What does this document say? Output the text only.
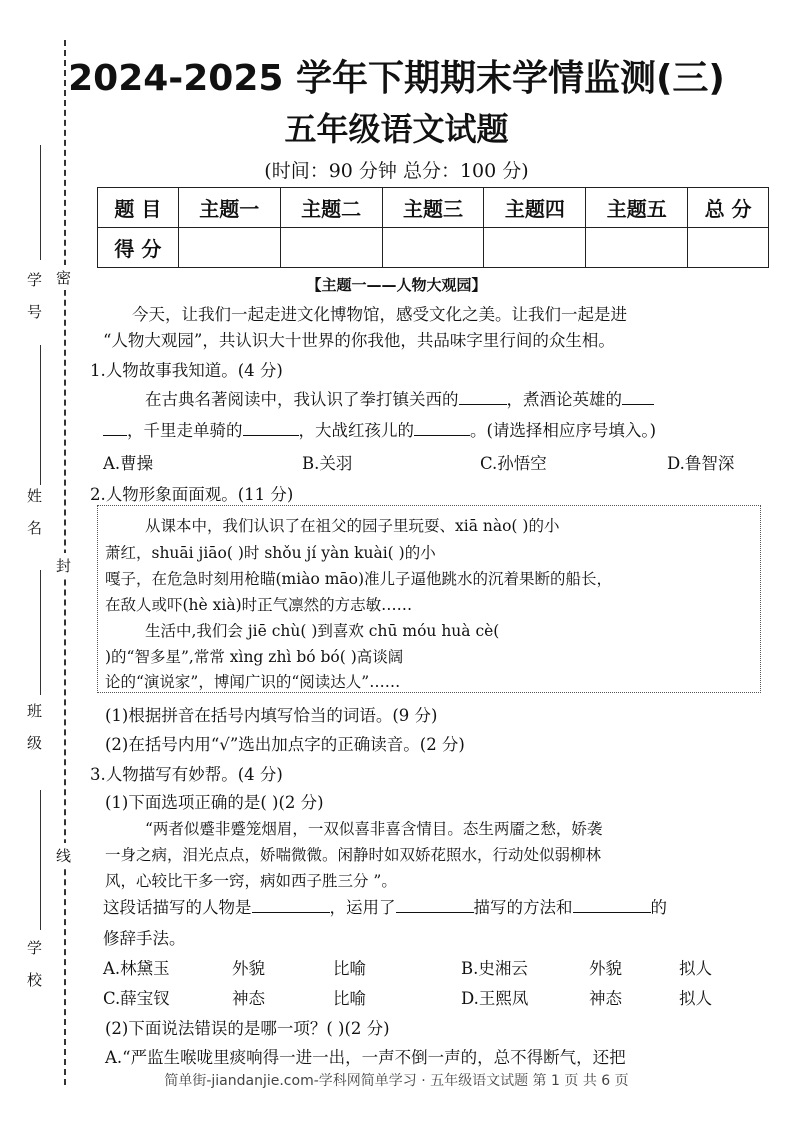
学 号
姓 名
班 级
学 校
密
封
线
2024-2025 学年下期期末学情监测(三)
五年级语文试题
(时间：90 分钟 总分：100 分)
题 目	主题一	主题二	主题三	主题四	主题五	总 分
得 分						
【主题一——人物大观园】
今天，让我们一起走进文化博物馆，感受文化之美。让我们一起是进
“人物大观园”，共认识大十世界的你我他，共品味字里行间的众生相。
1.人物故事我知道。(4 分)
在古典名著阅读中，我认识了拳打镇关西的	，煮酒论英雄的
，千里走单骑的	，大战红孩儿的	。(请选择相应序号填入。)
A.曹操	B.关羽	C.孙悟空	D.鲁智深
2.人物形象面面观。(11 分)
从课本中，我们认识了在祖父的园子里玩耍、xiā nào( )的小
萧红，shuāi jiāo( )时 shǒu jí yàn kuài( )的小
嘎子，在危急时刻用枪瞄(miào māo)准儿子逼他跳水的沉着果断的船长，
在敌人或吓(hè xià)时正气凛然的方志敏……
生活中,我们会 jiē chù( )到喜欢 chū móu huà cè(
)的“智多星”,常常 xìng zhì bó bó( )高谈阔
论的“演说家”，博闻广识的“阅读达人”……
(1)根据拼音在括号内填写恰当的词语。(9 分)
(2)在括号内用“√”选出加点字的正确读音。(2 分)
3.人物描写有妙帮。(4 分)
(1)下面选项正确的是( )(2 分)
“两者似蹙非蹙笼烟眉，一双似喜非喜含情目。态生两靥之愁，娇袭
一身之病，泪光点点，娇喘微微。闲静时如双娇花照水，行动处似弱柳林
风，心较比干多一窍，病如西子胜三分 ”。
这段话描写的人物是	，运用了	描写的方法和	的
修辞手法。
A.林黛玉	外貌	比喻	B.史湘云	外貌	拟人
C.薛宝钗	神态	比喻	D.王熙凤	神态	拟人
(2)下面说法错误的是哪一项？( )(2 分)
A.“严监生喉咙里痰响得一进一出，一声不倒一声的，总不得断气，还把
简单街-jiandanjie.com-学科网简单学习 · 五年级语文试题 第 1 页 共 6 页
